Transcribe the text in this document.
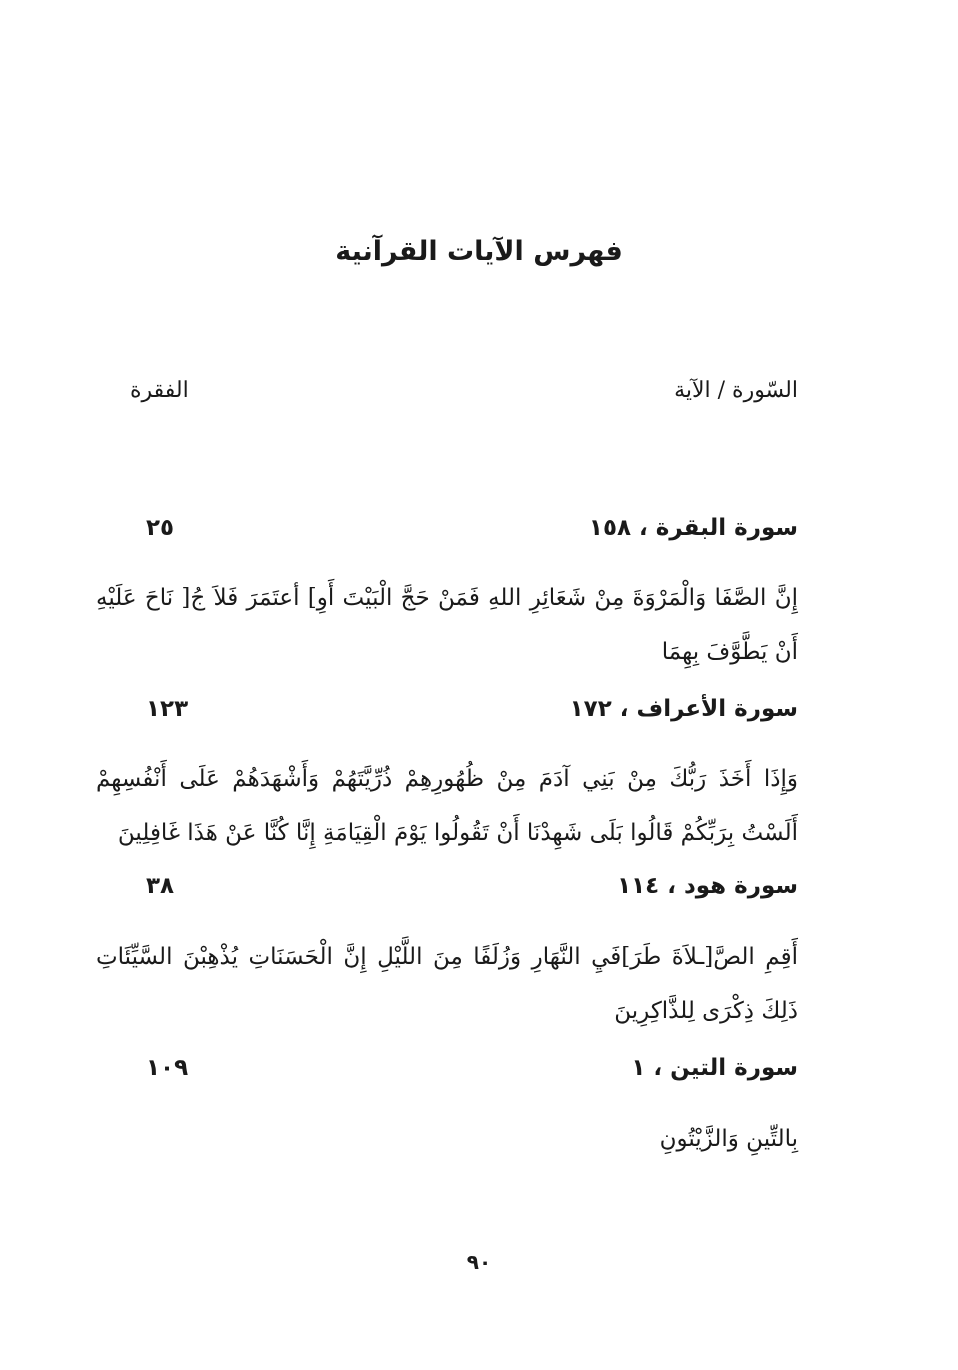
فهرس الآيات القرآنية
السّورة / الآية
الفقرة
سورة البقرة ، ١٥٨
٢٥
إِنَّ الصَّفَا وَالْمَرْوَةَ مِنْ شَعَائِرِ اللهِ فَمَنْ حَجَّ الْبَيْتَ أَوِ] أعتَمَرَ فَلاَ جُ[ نَاحَ عَلَيْهِ أَنْ يَطَّوَّفَ بِهِمَا
سورة الأعراف ، ١٧٢
١٢٣
وَإِذَا أَخَذَ رَبُّكَ مِنْ بَنِي آدَمَ مِنْ ظُهُورِهِمْ ذُرِّيَّتَهُمْ وَأَشْهَدَهُمْ عَلَى أَنْفُسِهِمْ أَلَسْتُ بِرَبِّكُمْ قَالُوا بَلَى شَهِدْنَا أَنْ تَقُولُوا يَوْمَ الْقِيَامَةِ إِنَّا كُنَّا عَنْ هَذَا غَافِلِينَ
سورة هود ، ١١٤
٣٨
أَقِمِ الصَّ[ـلاَةَ طَرَ]فَيِ النَّهَارِ وَزُلَفًا مِنَ اللَّيْلِ إِنَّ الْحَسَنَاتِ يُذْهِبْنَ السَّيِّئَاتِ ذَلِكَ ذِكْرَى لِلذَّاكِرِينَ
سورة التين ، ١
١٠٩
بِالتِّينِ وَالزَّيْتُونِ
٩٠
